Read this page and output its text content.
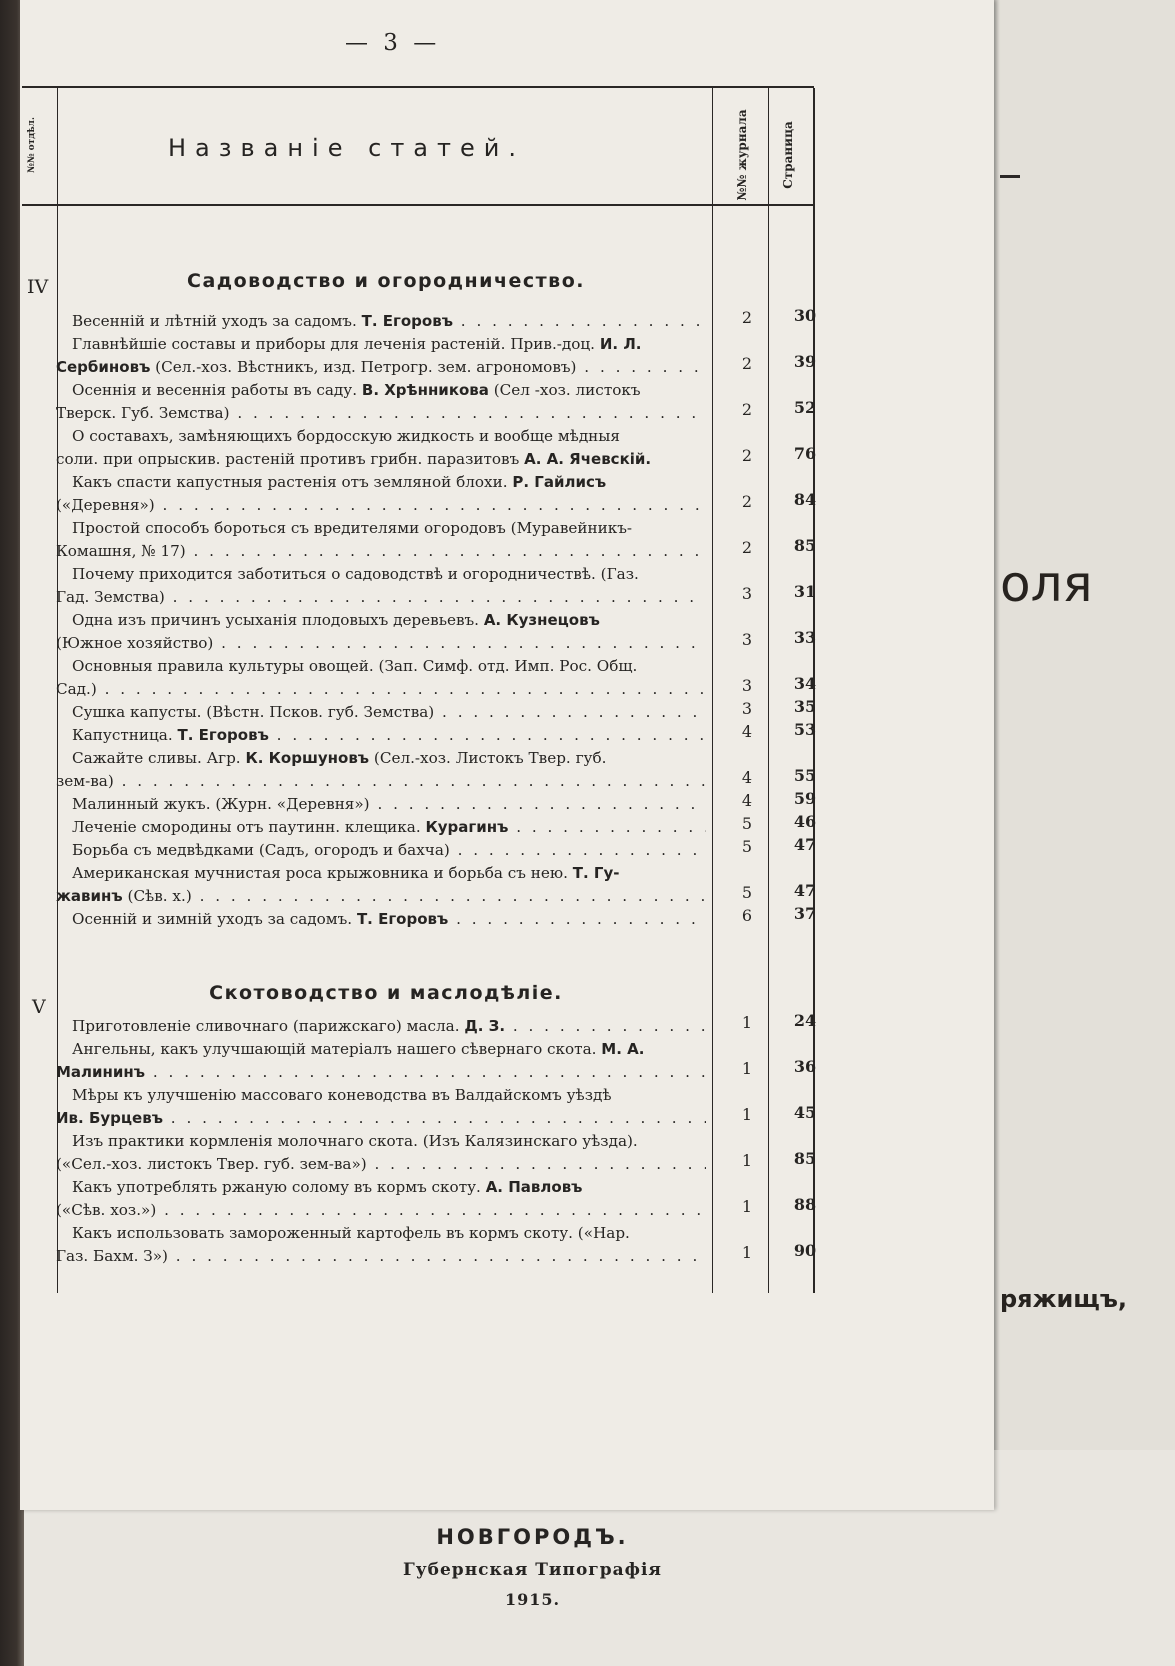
оля
ряжищъ,
— 3 —
Названіе статей.
№№ отдѣл.	№№ журнала	Страница
IV	Садоводство и огородничество.
V
Скотоводство и маслодѣліе.
Весенній и лѣтній уходъ за садомъ. Т. Егоровъ . . .	2	30
Главнѣйшіе составы и приборы для леченія растеній. Прив.-доц. И. Л.
Сербиновъ (Сел.-хоз. Вѣстникъ, изд. Петрогр. зем. агрономовъ) . . .	2	39
Осеннія и весеннія работы въ саду. В. Хрѣнникова (Сел -хоз. листокъ
Тверск. Губ. Земства) . . .	2	52
О составахъ, замѣняющихъ бордосскую жидкость и вообще мѣдныя
соли. при опрыскив. растеній противъ грибн. паразитовъ А. А. Ячевскій.	2	76
Какъ спасти капустныя растенія отъ земляной блохи. Р. Гайлисъ
(«Деревня») . . .	2	84
Простой способъ бороться съ вредителями огородовъ (Муравейникъ-
Комашня, № 17) . . .	2	85
Почему приходится заботиться о садоводствѣ и огородничествѣ. (Газ.
Гад. Земства) . . .	3	31
Одна изъ причинъ усыханія плодовыхъ деревьевъ. А. Кузнецовъ
(Южное хозяйство) . . .	3	33
Основныя правила культуры овощей. (Зап. Симф. отд. Имп. Рос. Общ.
Сад.) . . .	3	34
Сушка капусты. (Вѣстн. Псков. губ. Земства) . . .	3	35
Капустница. Т. Егоровъ . . .	4	53
Сажайте сливы. Агр. К. Коршуновъ (Сел.-хоз. Листокъ Твер. губ.
зем-ва) . . .	4	55
Малинный жукъ. (Журн. «Деревня») . . .	4	59
Леченіе смородины отъ паутинн. клещика. Курагинъ . . .	5	46
Борьба съ медвѣдками (Садъ, огородъ и бахча) . . .	5	47
Американская мучнистая роса крыжовника и борьба съ нею. Т. Гу-
жавинъ (Сѣв. х.) . . .	5	47
Осенній и зимній уходъ за садомъ. Т. Егоровъ . . .	6	37
Приготовленіе сливочнаго (парижскаго) масла. Д. З. . . .	1	24
Ангельны, какъ улучшающій матеріалъ нашего сѣвернаго скота. М. А.
Малининъ . . .	1	36
Мѣры къ улучшенію массоваго коневодства въ Валдайскомъ уѣздѣ
Ив. Бурцевъ . . .	1	45
Изъ практики кормленія молочнаго скота. (Изъ Калязинскаго уѣзда).
(«Сел.-хоз. листокъ Твер. губ. зем-ва») . . .	1	85
Какъ употреблять ржаную солому въ кормъ скоту. А. Павловъ
(«Сѣв. хоз.») . . .	1	88
Какъ использовать замороженный картофель въ кормъ скоту. («Нар.
Газ. Бахм. З») . . .	1	90
НОВГОРОДЪ.
Губернская Типографія
1915.
